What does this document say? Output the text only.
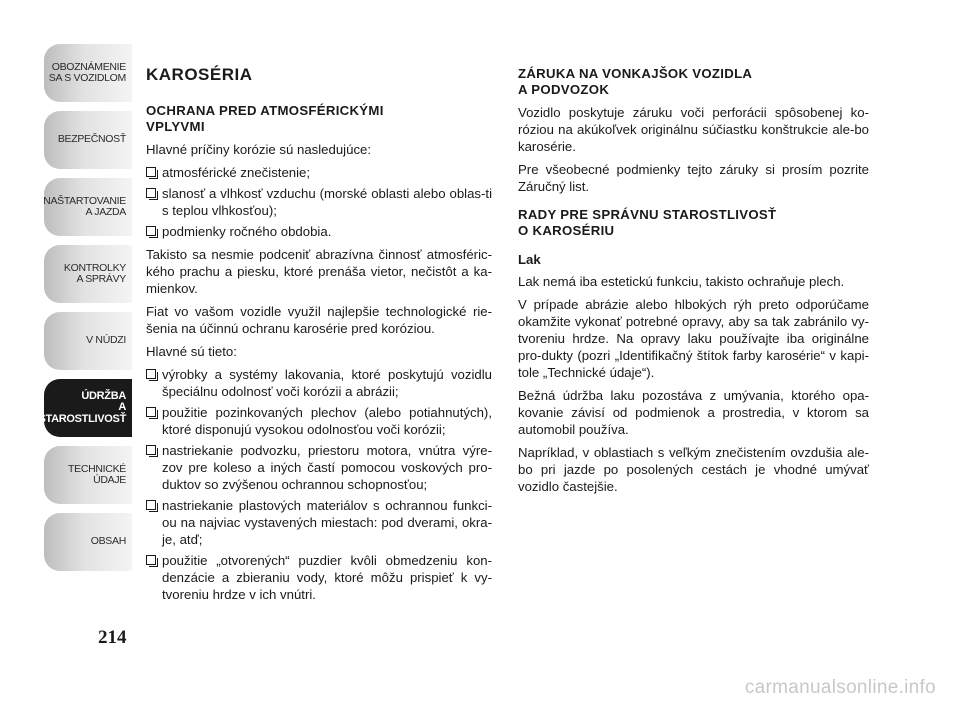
OBOZNÁMENIE
SA S VOZIDLOM
BEZPEČNOSŤ
NAŠTARTOVANIE
A JAZDA
KONTROLKY
A SPRÁVY
V NÚDZI
ÚDRŽBA
A STAROSTLIVOSŤ
TECHNICKÉ
ÚDAJE
OBSAH
214
KAROSÉRIA
OCHRANA PRED ATMOSFÉRICKÝMI
VPLYVMI

Hlavné príčiny korózie sú nasledujúce:

atmosférické znečistenie;
slanosť a vlhkosť vzduchu (morské oblasti alebo oblas-ti s teplou vlhkosťou);
podmienky ročného obdobia.

Takisto sa nesmie podceniť abrazívna činnosť atmosféric-kého prachu a piesku, ktoré prenáša vietor, nečistôt a ka-mienkov.

Fiat vo vašom vozidle využil najlepšie technologické rie-šenia na účinnú ochranu karosérie pred koróziou.

Hlavné sú tieto:

výrobky a systémy lakovania, ktoré poskytujú vozidlu špeciálnu odolnosť voči korózii a abrázii;
použitie pozinkovaných plechov (alebo potiahnutých), ktoré disponujú vysokou odolnosťou voči korózii;
nastriekanie podvozku, priestoru motora, vnútra výre-zov pre koleso a iných častí pomocou voskových pro-duktov so zvýšenou ochrannou schopnosťou;
nastriekanie plastových materiálov s ochrannou funkci-ou na najviac vystavených miestach: pod dverami, okra-je, atď;
použitie „otvorených“ puzdier kvôli obmedzeniu kon-denzácie a zbieraniu vody, ktoré môžu prispieť k vy-tvoreniu hrdze v ich vnútri.
ZÁRUKA NA VONKAJŠOK VOZIDLA
A PODVOZOK

Vozidlo poskytuje záruku voči perforácii spôsobenej ko-róziou na akúkoľvek originálnu súčiastku konštrukcie ale-bo karosérie.

Pre všeobecné podmienky tejto záruky si prosím pozrite Záručný list.

RADY PRE SPRÁVNU STAROSTLIVOSŤ
O KAROSÉRIU
Lak

Lak nemá iba estetickú funkciu, takisto ochraňuje plech.

V prípade abrázie alebo hlbokých rýh preto odporúčame okamžite vykonať potrebné opravy, aby sa tak zabránilo vy-tvoreniu hrdze. Na opravy laku používajte iba originálne pro-dukty (pozri „Identifikačný štítok farby karosérie“ v kapi-tole „Technické údaje“).

Bežná údržba laku pozostáva z umývania, ktorého opa-kovanie závisí od podmienok a prostredia, v ktorom sa automobil používa.

Napríklad, v oblastiach s veľkým znečistením ovzdušia ale-bo pri jazde po posolených cestách je vhodné umývať vozidlo častejšie.

carmanualsonline.info
